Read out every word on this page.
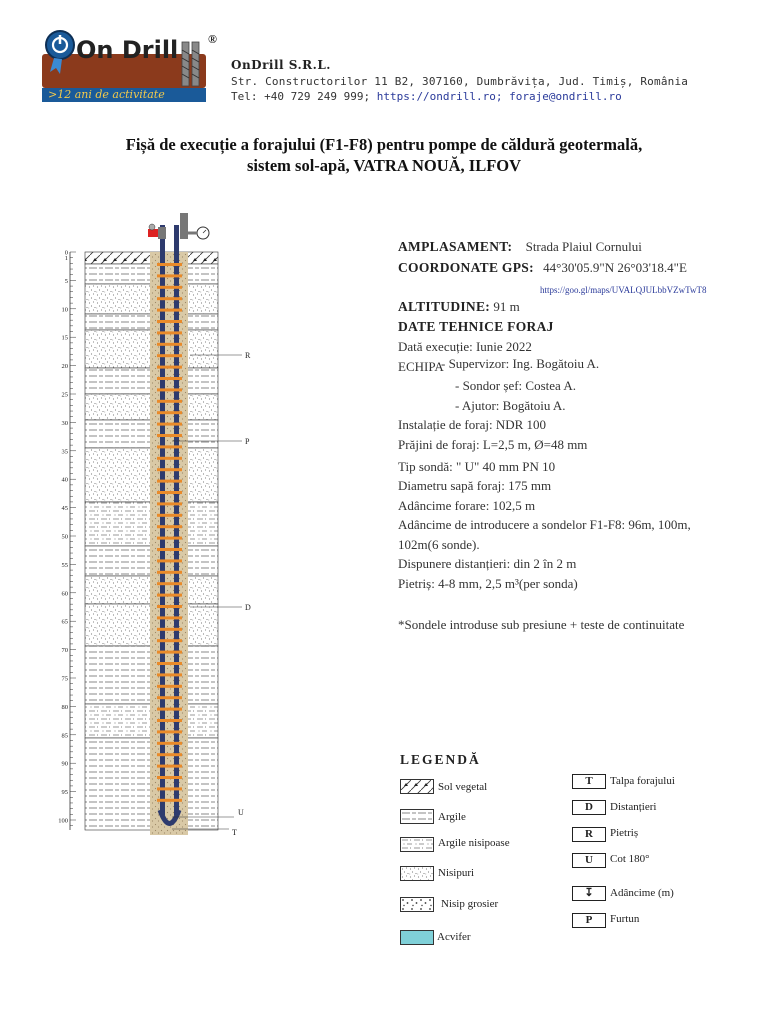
On Drill ®
>12 ani de activitate
OnDrill S.R.L.
Str. Constructorilor 11 B2, 307160, Dumbrăvița, Jud. Timiș, România
Tel: +40 729 249 999; https://ondrill.ro; foraje@ondrill.ro
Fișă de execuție a forajului (F1-F8) pentru pompe de căldură geotermală,
sistem sol-apă, VATRA NOUĂ, ILFOV
0
1
5
10
15
20
25
30
35
40
45
50
55
60
65
70
75
80
85
90
95
100
R
P
D
U
T
AMPLASAMENT: Strada Plaiul Cornului
COORDONATE GPS: 44°30'05.9"N 26°03'18.4"E
https://goo.gl/maps/UVALQJULbbVZwTwT8
ALTITUDINE: 91 m
DATE TEHNICE FORAJ
Dată execuție: Iunie 2022
ECHIPA
- Supervizor: Ing. Bogătoiu A.
- Sondor șef: Costea A.
- Ajutor: Bogătoiu A.
Instalație de foraj: NDR 100
Prăjini de foraj: L=2,5 m, Ø=48 mm
Tip sondă: " U" 40 mm PN 10
Diametru sapă foraj: 175 mm
Adâncime forare: 102,5 m
Adâncime de introducere a sondelor F1-F8: 96m, 100m,
102m(6 sonde).
Dispunere distanțieri: din 2 în 2 m
Pietriș: 4-8 mm, 2,5 m³(per sonda)
*Sondele introduse sub presiune + teste de continuitate
LEGENDĂ
Sol vegetal
Argile
Argile nisipoase
Nisipuri
Nisip grosier
Acvifer
T	Talpa forajului
D	Distanțieri
R	Pietriș
U	Cot 180°
↧	Adâncime (m)
P	Furtun
